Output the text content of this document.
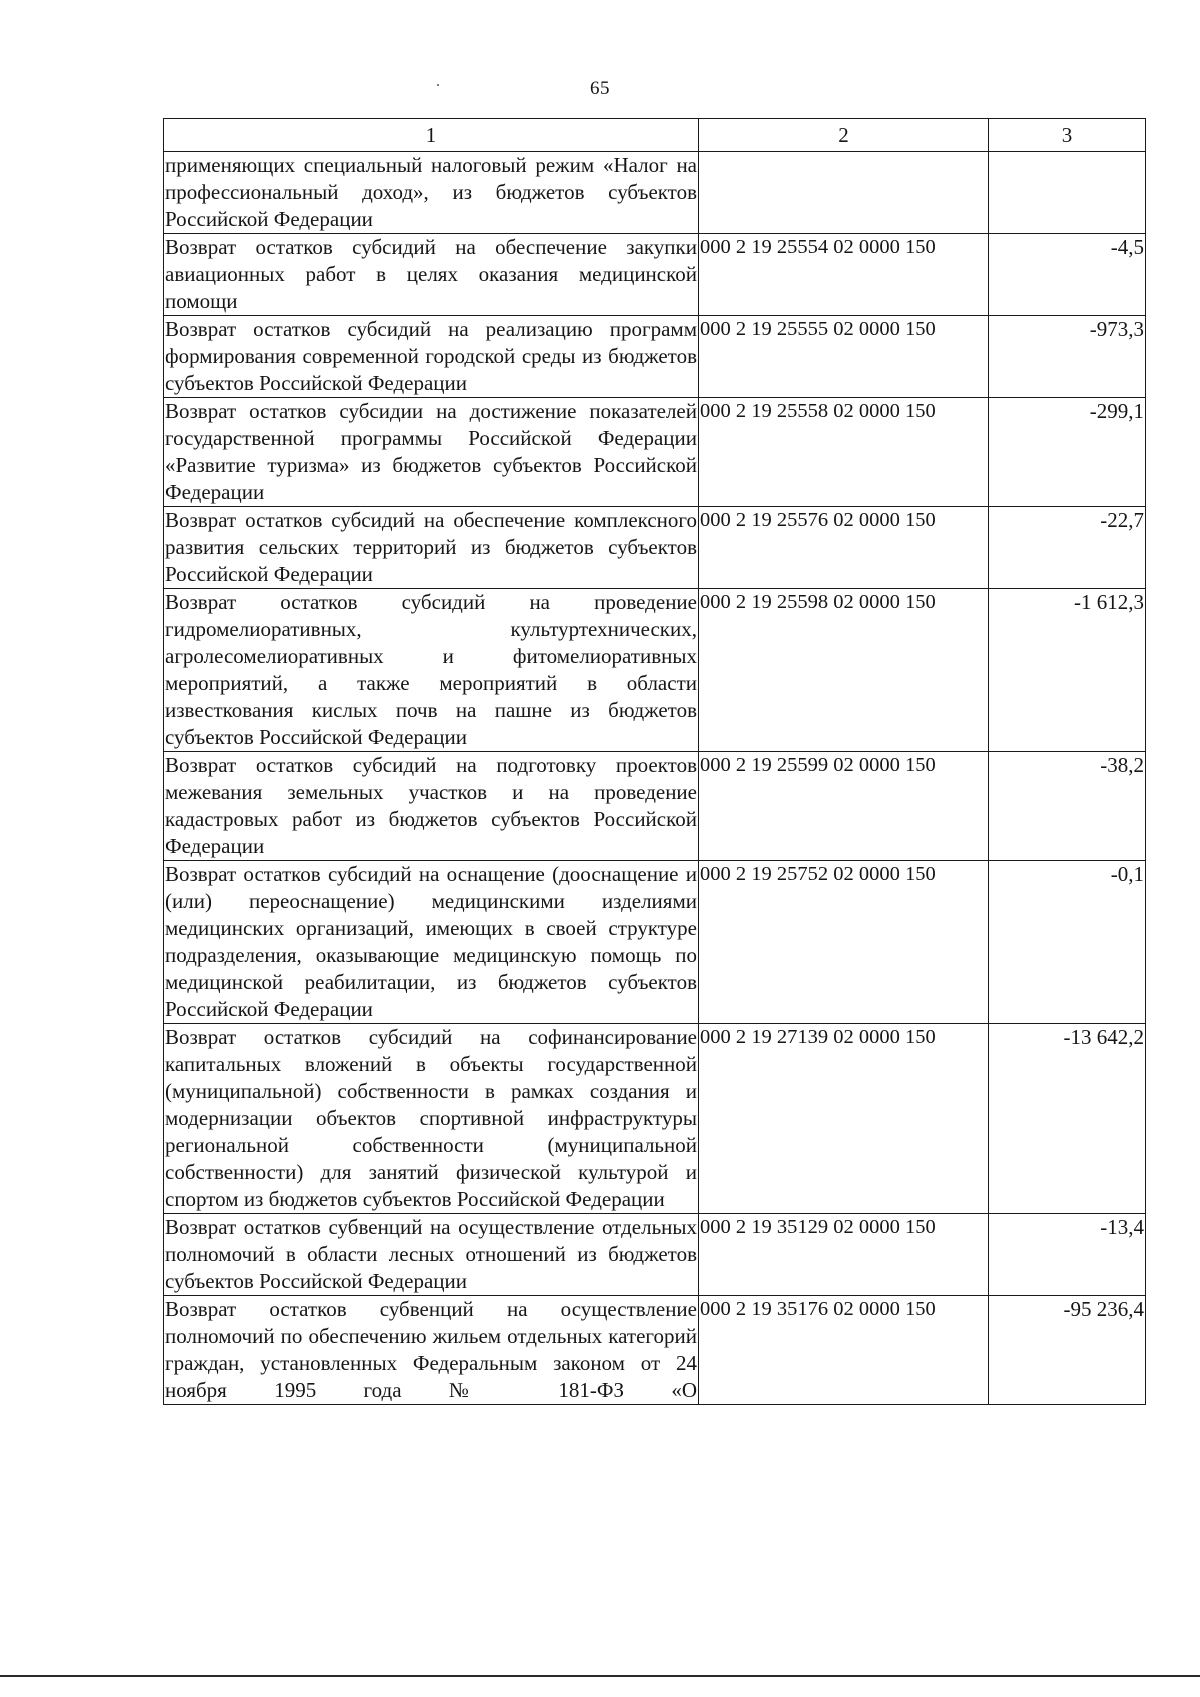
65
1	2	3
применяющих специальный налоговый режим «Налог на профессиональный доход», из бюджетов субъектов Российской Федерации		
Возврат остатков субсидий на обеспечение закупки авиационных работ в целях оказания медицинской помощи	000 2 19 25554 02 0000 150	-4,5
Возврат остатков субсидий на реализацию программ формирования современной городской среды из бюджетов субъектов Российской Федерации	000 2 19 25555 02 0000 150	-973,3
Возврат остатков субсидии на достижение показателей государственной программы Российской Федерации «Развитие туризма» из бюджетов субъектов Российской Федерации	000 2 19 25558 02 0000 150	-299,1
Возврат остатков субсидий на обеспечение комплексного развития сельских территорий из бюджетов субъектов Российской Федерации	000 2 19 25576 02 0000 150	-22,7
Возврат остатков субсидий на проведение гидромелиоративных, культуртехнических, агролесомелиоративных и фитомелиоративных мероприятий, а также мероприятий в области известкования кислых почв на пашне из бюджетов субъектов Российской Федерации	000 2 19 25598 02 0000 150	-1 612,3
Возврат остатков субсидий на подготовку проектов межевания земельных участков и на проведение кадастровых работ из бюджетов субъектов Российской Федерации	000 2 19 25599 02 0000 150	-38,2
Возврат остатков субсидий на оснащение (дооснащение и (или) переоснащение) медицинскими изделиями медицинских организаций, имеющих в своей структуре подразделения, оказывающие медицинскую помощь по медицинской реабилитации, из бюджетов субъектов Российской Федерации	000 2 19 25752 02 0000 150	-0,1
Возврат остатков субсидий на софинансирование капитальных вложений в объекты государственной (муниципальной) собственности в рамках создания и модернизации объектов спортивной инфраструктуры региональной собственности (муниципальной собственности) для занятий физической культурой и спортом из бюджетов субъектов Российской Федерации	000 2 19 27139 02 0000 150	-13 642,2
Возврат остатков субвенций на осуществление отдельных полномочий в области лесных отношений из бюджетов субъектов Российской Федерации	000 2 19 35129 02 0000 150	-13,4
Возврат остатков субвенций на осуществление полномочий по обеспечению жильем отдельных категорий граждан, установленных Федеральным законом от 24 ноября 1995 года № 181-ФЗ «О	000 2 19 35176 02 0000 150	-95 236,4
